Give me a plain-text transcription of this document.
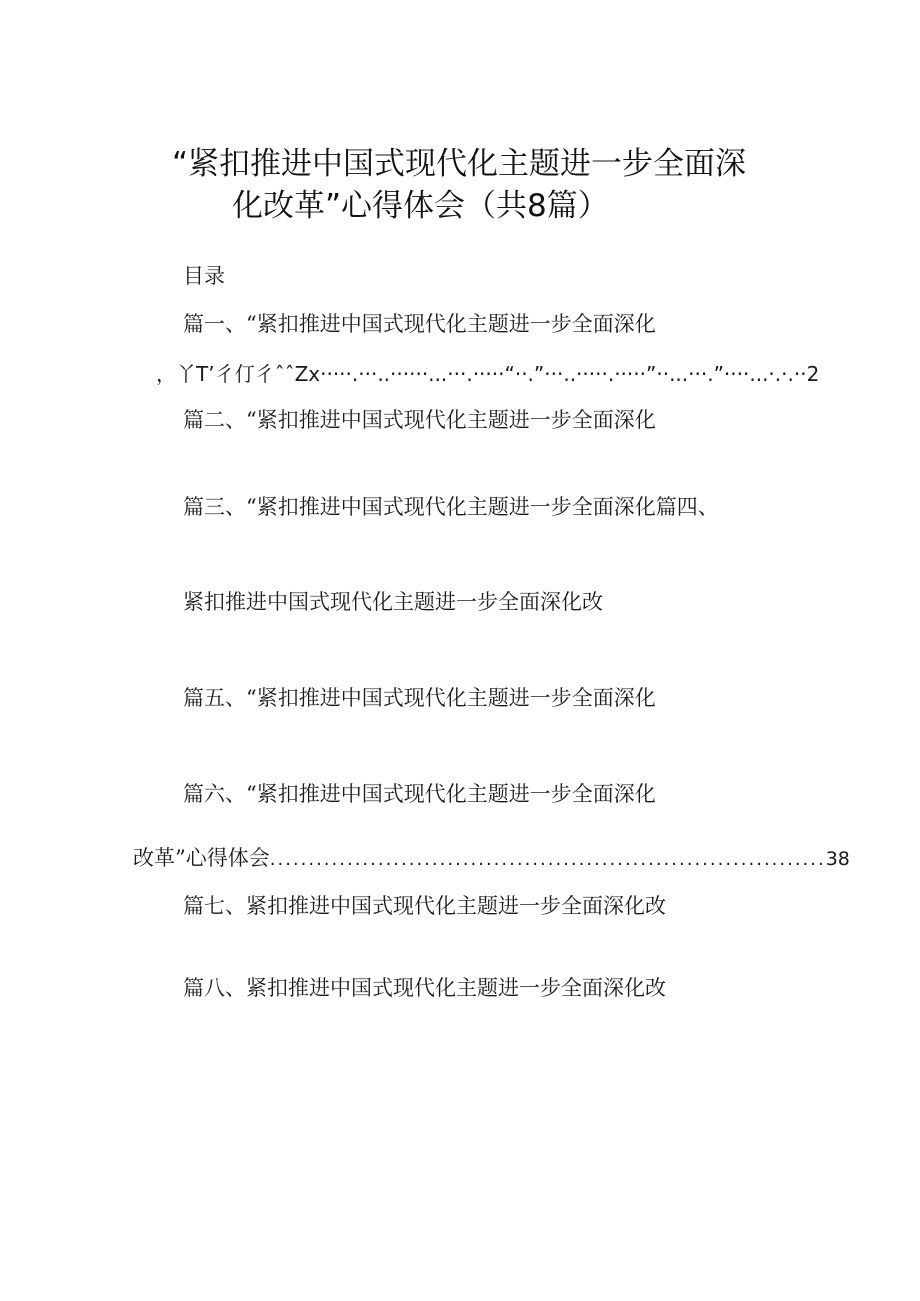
“紧扣推进中国式现代化主题进一步全面深
化改革”心得体会（共8篇）
目录
篇一、“紧扣推进中国式现代化主题进一步全面深化
，丫T’彳仃彳ˆˆZx·····.···..······...···.·····“··.”···..·····.·····”··...···.”····...·.·.··2
篇二、“紧扣推进中国式现代化主题进一步全面深化
篇三、“紧扣推进中国式现代化主题进一步全面深化篇四、
紧扣推进中国式现代化主题进一步全面深化改
篇五、“紧扣推进中国式现代化主题进一步全面深化
篇六、“紧扣推进中国式现代化主题进一步全面深化
改革”心得体会 ........................................................................ 38
篇七、紧扣推进中国式现代化主题进一步全面深化改
篇八、紧扣推进中国式现代化主题进一步全面深化改
